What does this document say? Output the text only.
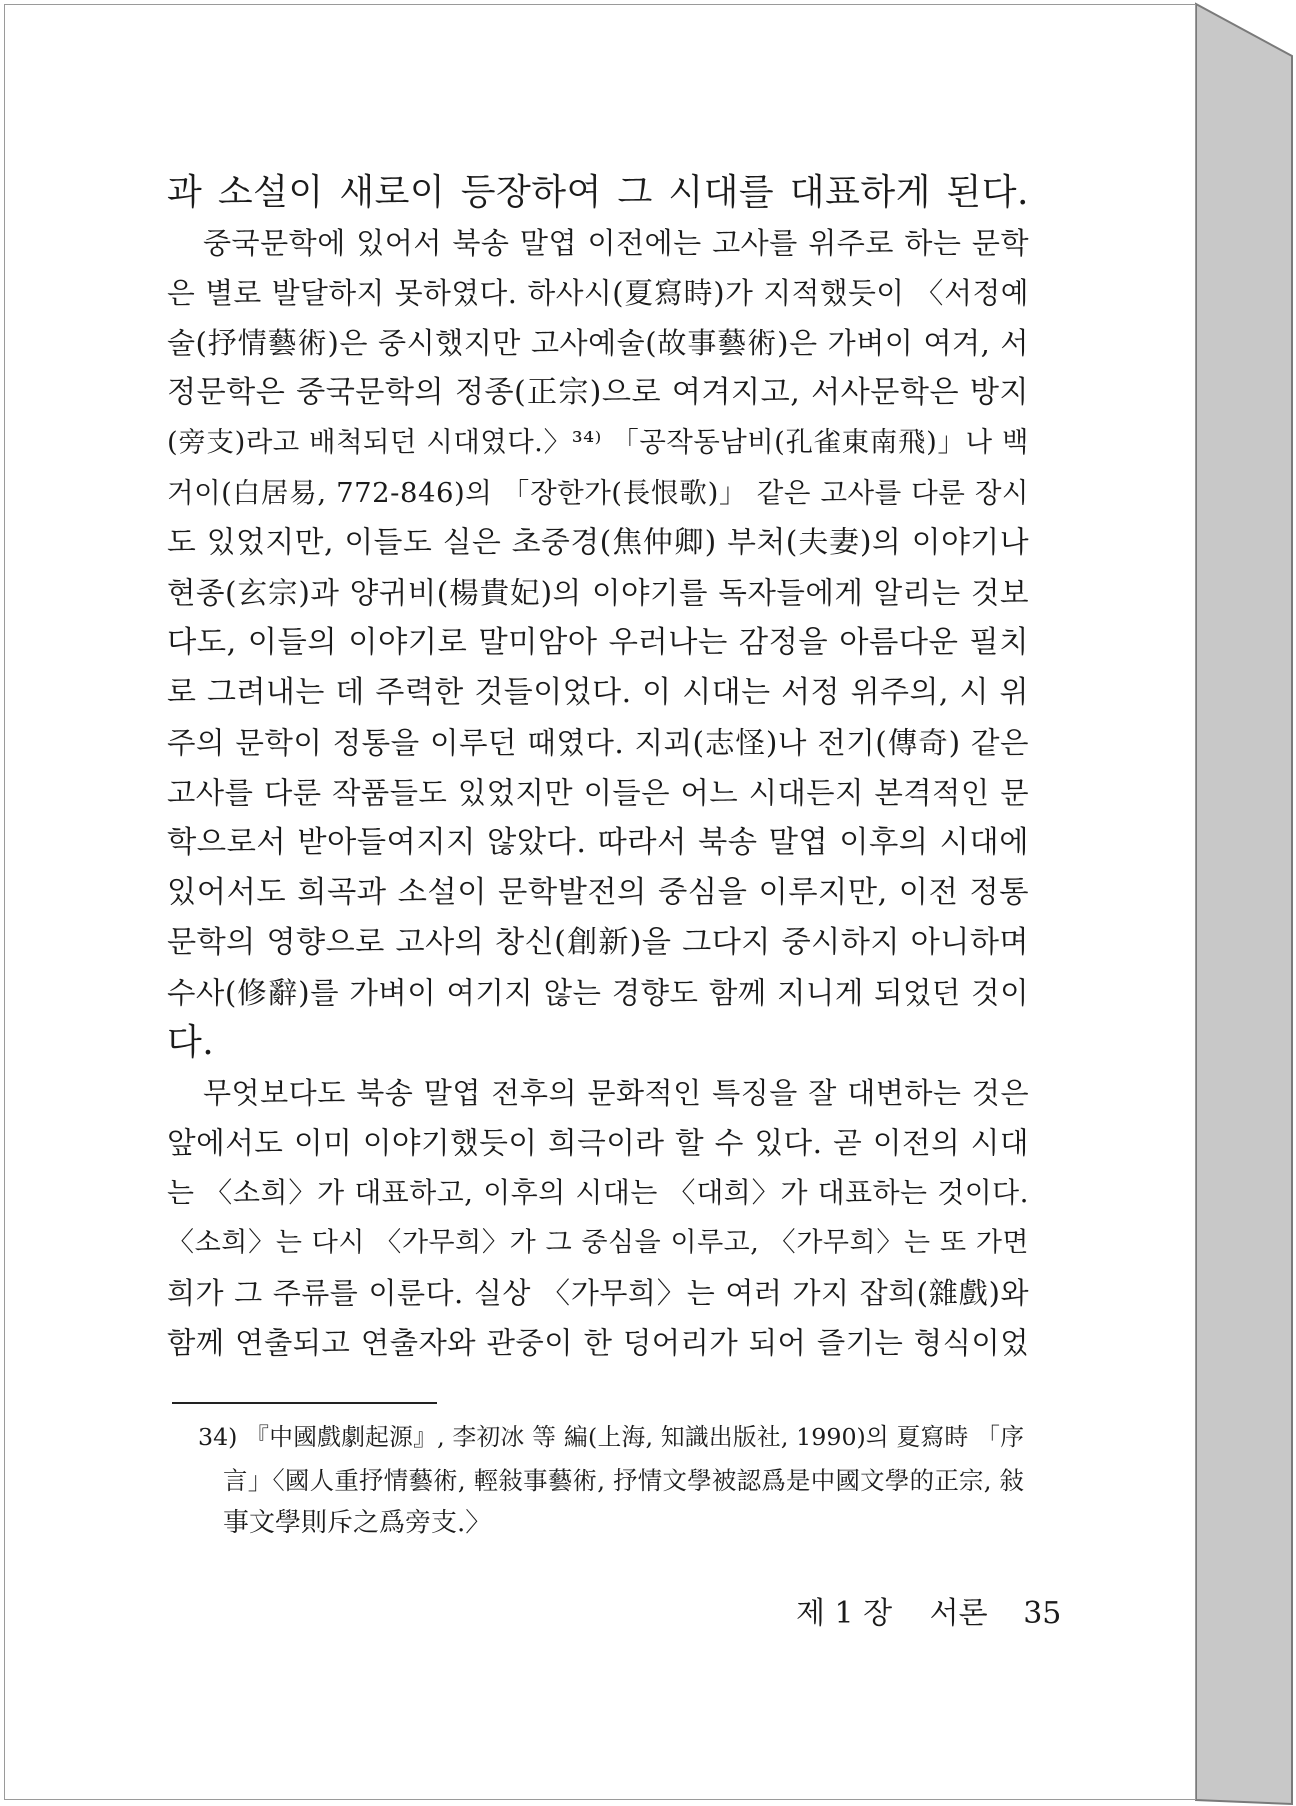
과 소설이 새로이 등장하여 그 시대를 대표하게 된다.
중국문학에 있어서 북송 말엽 이전에는 고사를 위주로 하는 문학
은 별로 발달하지 못하였다. 하사시(夏寫時)가 지적했듯이 〈서정예
술(抒情藝術)은 중시했지만 고사예술(故事藝術)은 가벼이 여겨, 서
정문학은 중국문학의 정종(正宗)으로 여겨지고, 서사문학은 방지
(旁支)라고 배척되던 시대였다.〉³⁴⁾ 「공작동남비(孔雀東南飛)」나 백
거이(白居易, 772-846)의 「장한가(長恨歌)」 같은 고사를 다룬 장시
도 있었지만, 이들도 실은 초중경(焦仲卿) 부처(夫妻)의 이야기나
현종(玄宗)과 양귀비(楊貴妃)의 이야기를 독자들에게 알리는 것보
다도, 이들의 이야기로 말미암아 우러나는 감정을 아름다운 필치
로 그려내는 데 주력한 것들이었다. 이 시대는 서정 위주의, 시 위
주의 문학이 정통을 이루던 때였다. 지괴(志怪)나 전기(傳奇) 같은
고사를 다룬 작품들도 있었지만 이들은 어느 시대든지 본격적인 문
학으로서 받아들여지지 않았다. 따라서 북송 말엽 이후의 시대에
있어서도 희곡과 소설이 문학발전의 중심을 이루지만, 이전 정통
문학의 영향으로 고사의 창신(創新)을 그다지 중시하지 아니하며
수사(修辭)를 가벼이 여기지 않는 경향도 함께 지니게 되었던 것이
다.
무엇보다도 북송 말엽 전후의 문화적인 특징을 잘 대변하는 것은
앞에서도 이미 이야기했듯이 희극이라 할 수 있다. 곧 이전의 시대
는 〈소희〉가 대표하고, 이후의 시대는 〈대희〉가 대표하는 것이다.
〈소희〉는 다시 〈가무희〉가 그 중심을 이루고, 〈가무희〉는 또 가면
희가 그 주류를 이룬다. 실상 〈가무희〉는 여러 가지 잡희(雜戲)와
함께 연출되고 연출자와 관중이 한 덩어리가 되어 즐기는 형식이었
34) 『中國戲劇起源』, 李初冰 等 編(上海, 知識出版社, 1990)의 夏寫時 「序
言」〈國人重抒情藝術, 輕敍事藝術, 抒情文學被認爲是中國文學的正宗, 敍
事文學則斥之爲旁支.〉
제 1 장 서론 35
